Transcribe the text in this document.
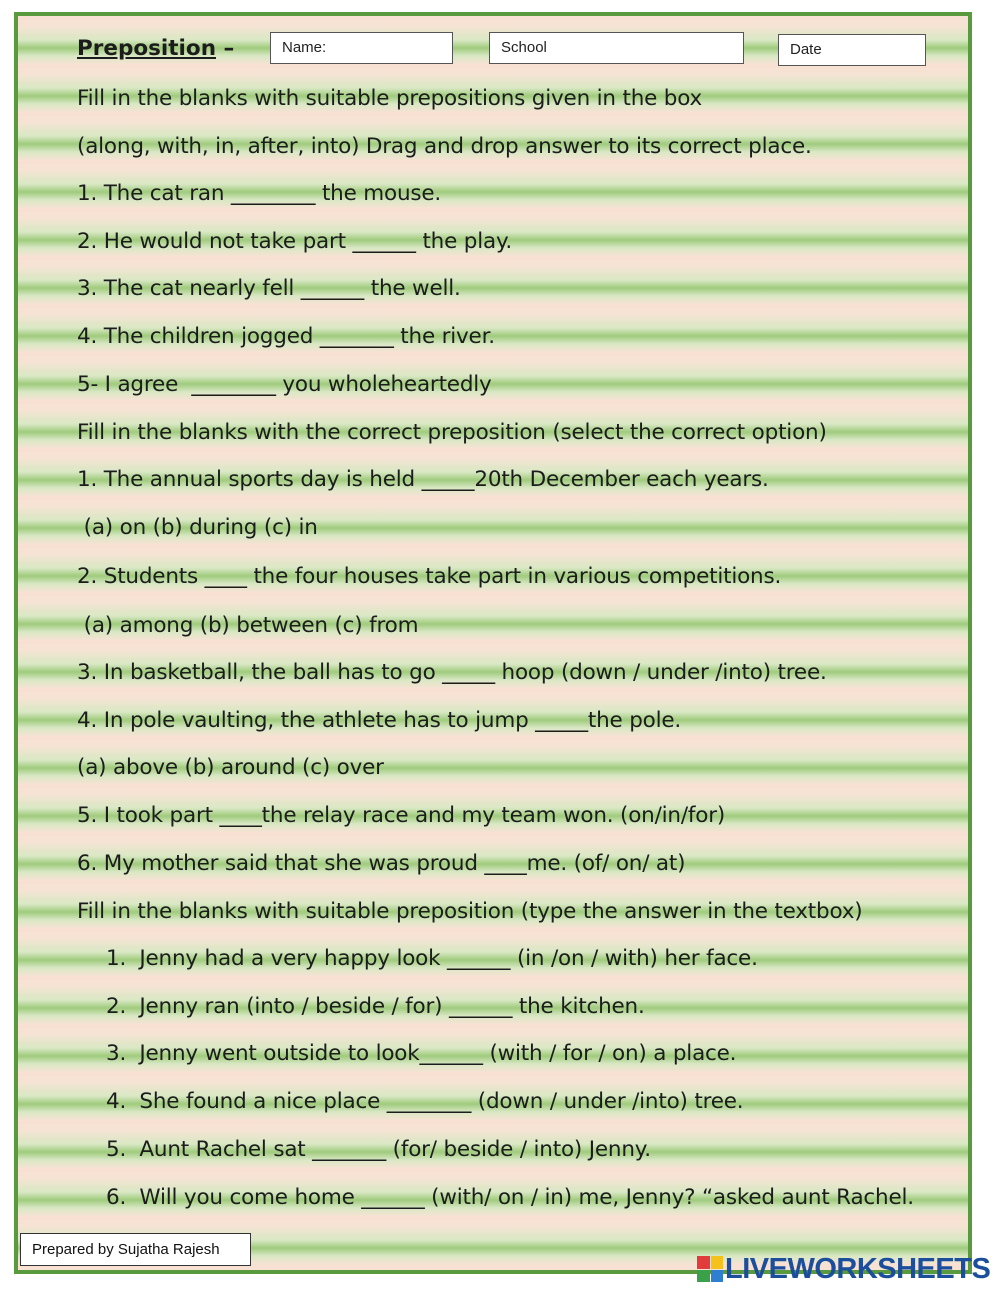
Preposition –	Name:	School	Date
Fill in the blanks with suitable prepositions given in the box
(along, with, in, after, into) Drag and drop answer to its correct place.
1. The cat ran ________ the mouse.
2. He would not take part ______ the play.
3. The cat nearly fell ______ the well.
4. The children jogged _______ the river.
5- I agree  ________ you wholeheartedly
Fill in the blanks with the correct preposition (select the correct option)
1. The annual sports day is held _____20th December each years.
(a) on (b) during (c) in
2. Students ____ the four houses take part in various competitions.
(a) among (b) between (c) from
3. In basketball, the ball has to go _____ hoop (down / under /into) tree.
4. In pole vaulting, the athlete has to jump _____the pole.
(a) above (b) around (c) over
5. I took part ____the relay race and my team won. (on/in/for)
6. My mother said that she was proud ____me. (of/ on/ at)
Fill in the blanks with suitable preposition (type the answer in the textbox)
1.  Jenny had a very happy look ______ (in /on / with) her face.
2.  Jenny ran (into / beside / for) ______ the kitchen.
3.  Jenny went outside to look______ (with / for / on) a place.
4.  She found a nice place ________ (down / under /into) tree.
5.  Aunt Rachel sat _______ (for/ beside / into) Jenny.
6.  Will you come home ______ (with/ on / in) me, Jenny? “asked aunt Rachel.
Prepared by Sujatha Rajesh
LIVEWORKSHEETS
